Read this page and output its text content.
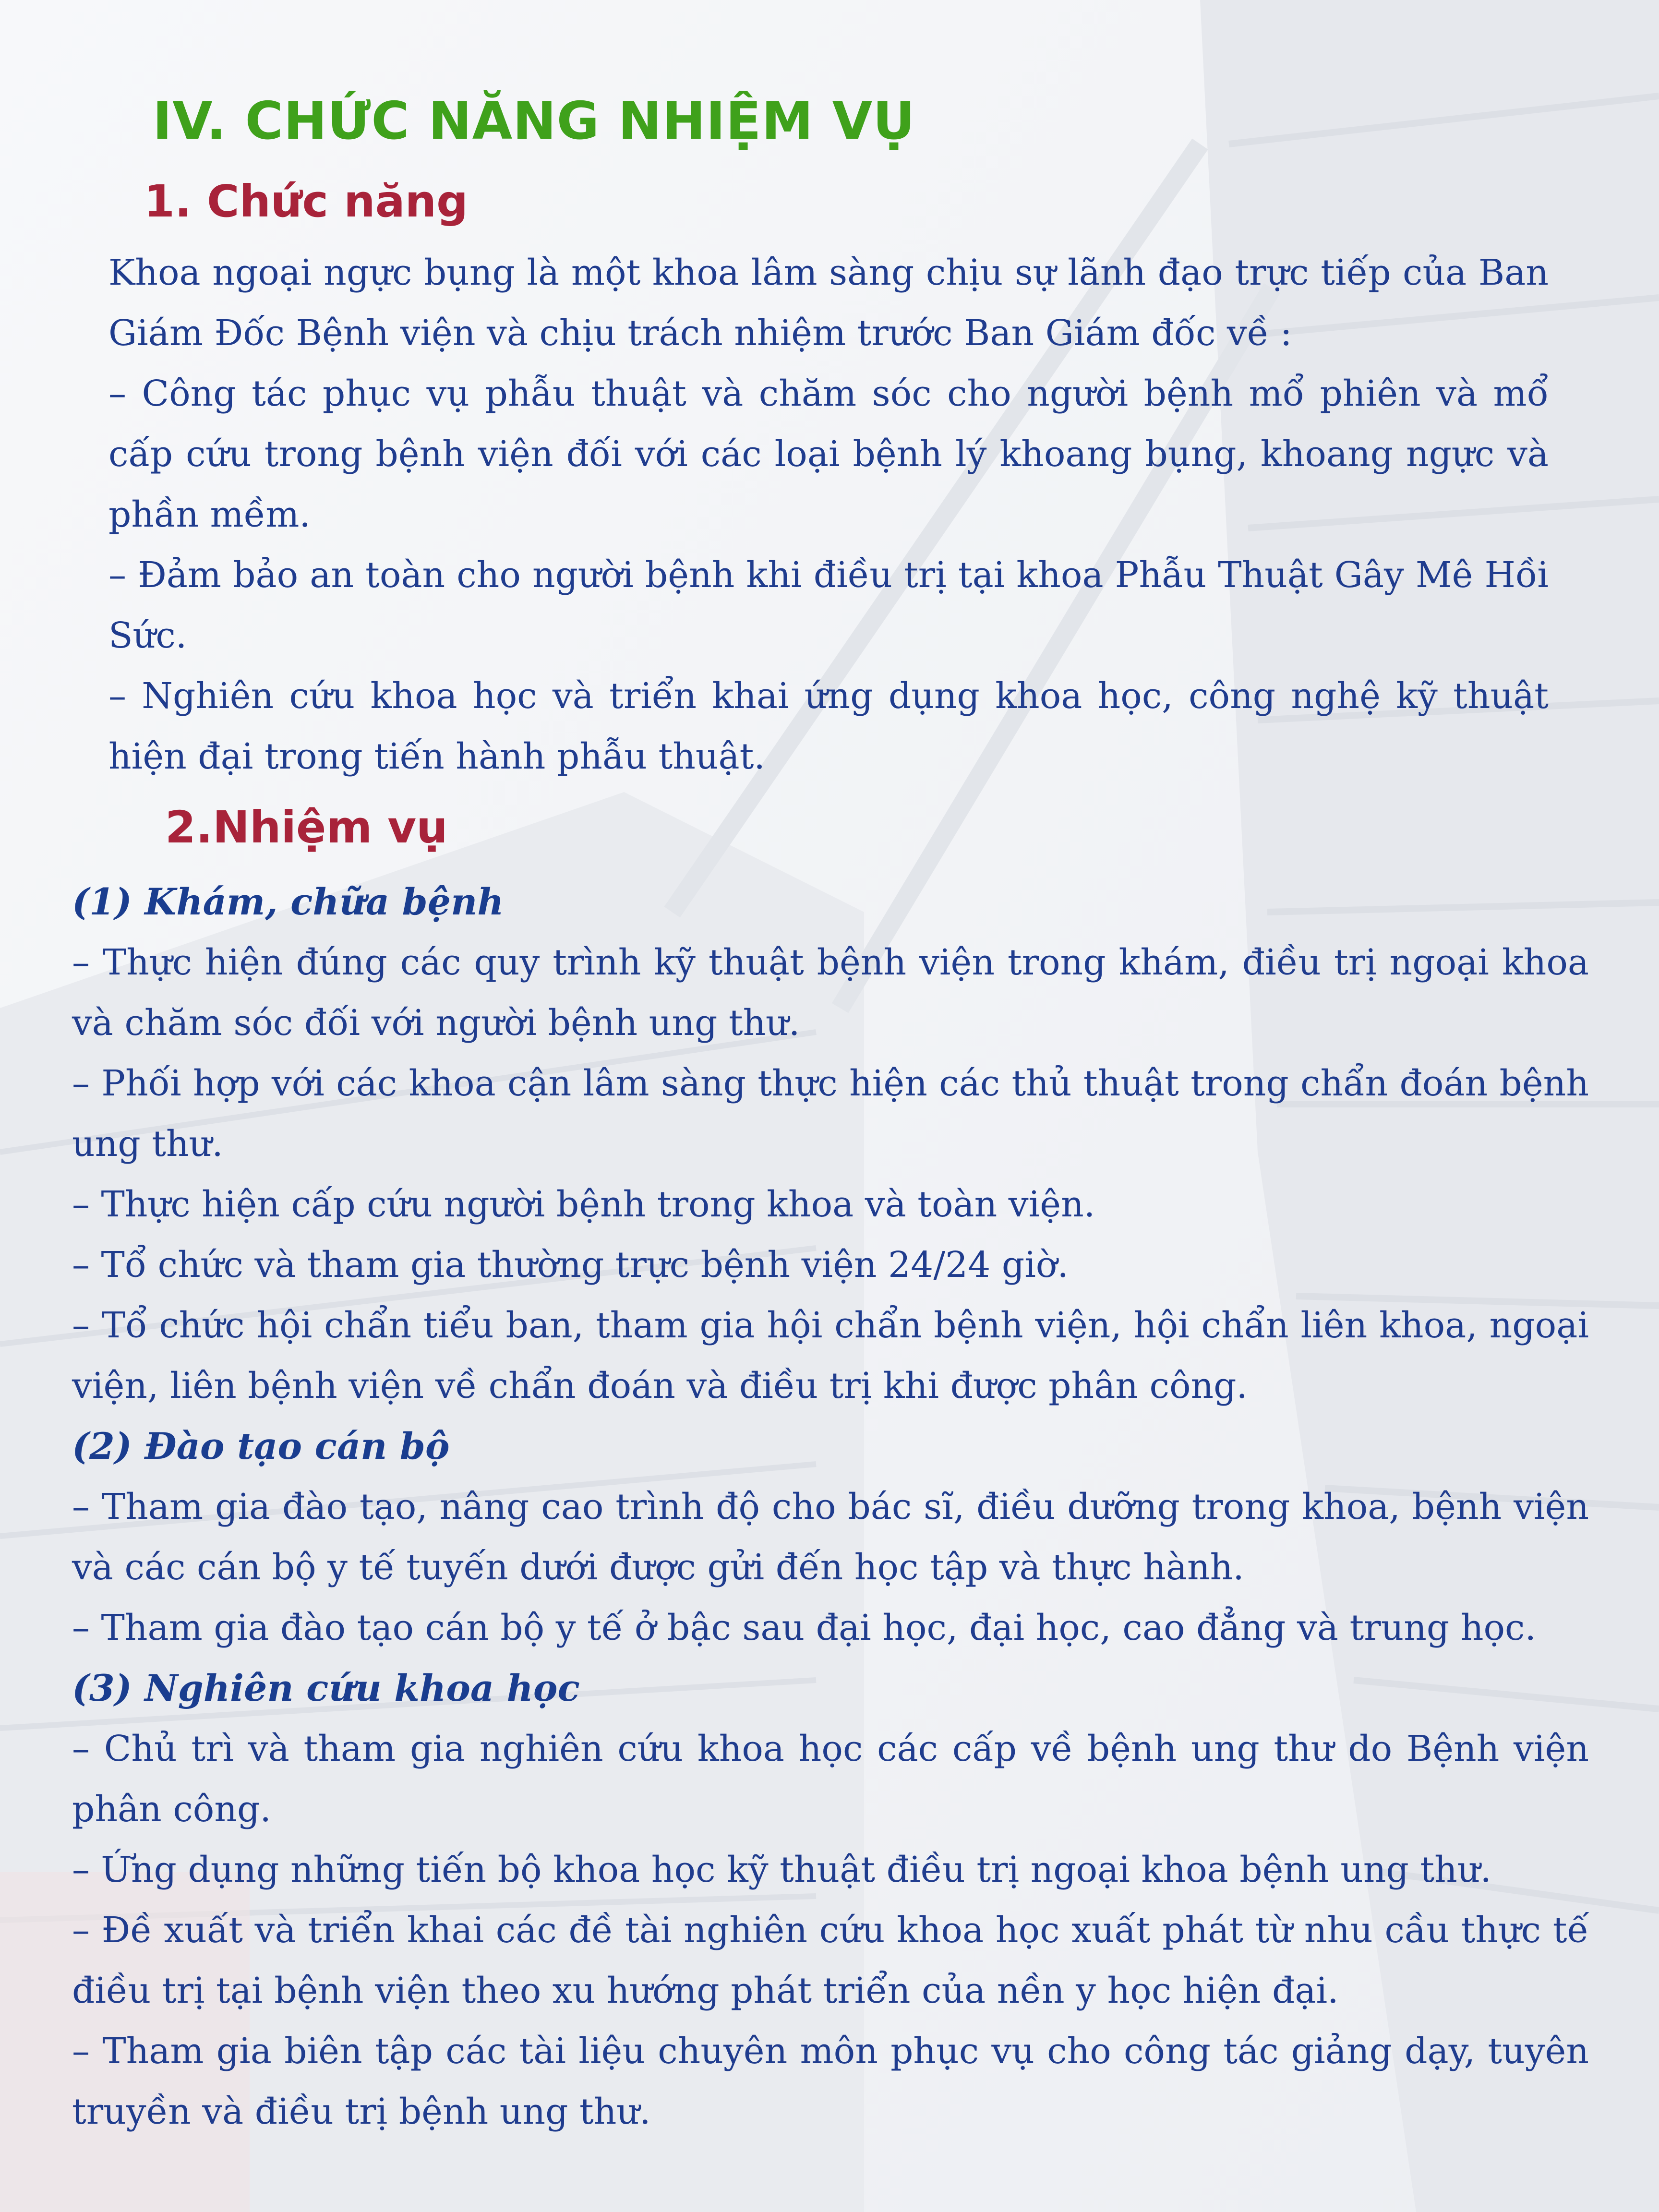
IV. CHỨC NĂNG NHIỆM VỤ
1. Chức năng

Khoa ngoại ngực bụng là một khoa lâm sàng chịu sự lãnh đạo trực tiếp của Ban Giám Đốc Bệnh viện và chịu trách nhiệm trước Ban Giám đốc về :

– Công tác phục vụ phẫu thuật và chăm sóc cho người bệnh mổ phiên và mổ cấp cứu trong bệnh viện đối với các loại bệnh lý khoang bụng, khoang ngực và phần mềm.

– Đảm bảo an toàn cho người bệnh khi điều trị tại khoa Phẫu Thuật Gây Mê Hồi Sức.

– Nghiên cứu khoa học và triển khai ứng dụng khoa học, công nghệ kỹ thuật hiện đại trong tiến hành phẫu thuật.

2.Nhiệm vụ

(1) Khám, chữa bệnh

– Thực hiện đúng các quy trình kỹ thuật bệnh viện trong khám, điều trị ngoại khoa và chăm sóc đối với người bệnh ung thư.

– Phối hợp với các khoa cận lâm sàng thực hiện các thủ thuật trong chẩn đoán bệnh ung thư.

– Thực hiện cấp cứu người bệnh trong khoa và toàn viện.

– Tổ chức và tham gia thường trực bệnh viện 24/24 giờ.

– Tổ chức hội chẩn tiểu ban, tham gia hội chẩn bệnh viện, hội chẩn liên khoa, ngoại viện, liên bệnh viện về chẩn đoán và điều trị khi được phân công.

(2) Đào tạo cán bộ

– Tham gia đào tạo, nâng cao trình độ cho bác sĩ, điều dưỡng trong khoa, bệnh viện và các cán bộ y tế tuyến dưới được gửi đến học tập và thực hành.

– Tham gia đào tạo cán bộ y tế ở bậc sau đại học, đại học, cao đẳng và trung học.

(3) Nghiên cứu khoa học

– Chủ trì và tham gia nghiên cứu khoa học các cấp về bệnh ung thư do Bệnh viện phân công.

– Ứng dụng những tiến bộ khoa học kỹ thuật điều trị ngoại khoa bệnh ung thư.

– Đề xuất và triển khai các đề tài nghiên cứu khoa học xuất phát từ nhu cầu thực tế điều trị tại bệnh viện theo xu hướng phát triển của nền y học hiện đại.

– Tham gia biên tập các tài liệu chuyên môn phục vụ cho công tác giảng dạy, tuyên truyền và điều trị bệnh ung thư.
